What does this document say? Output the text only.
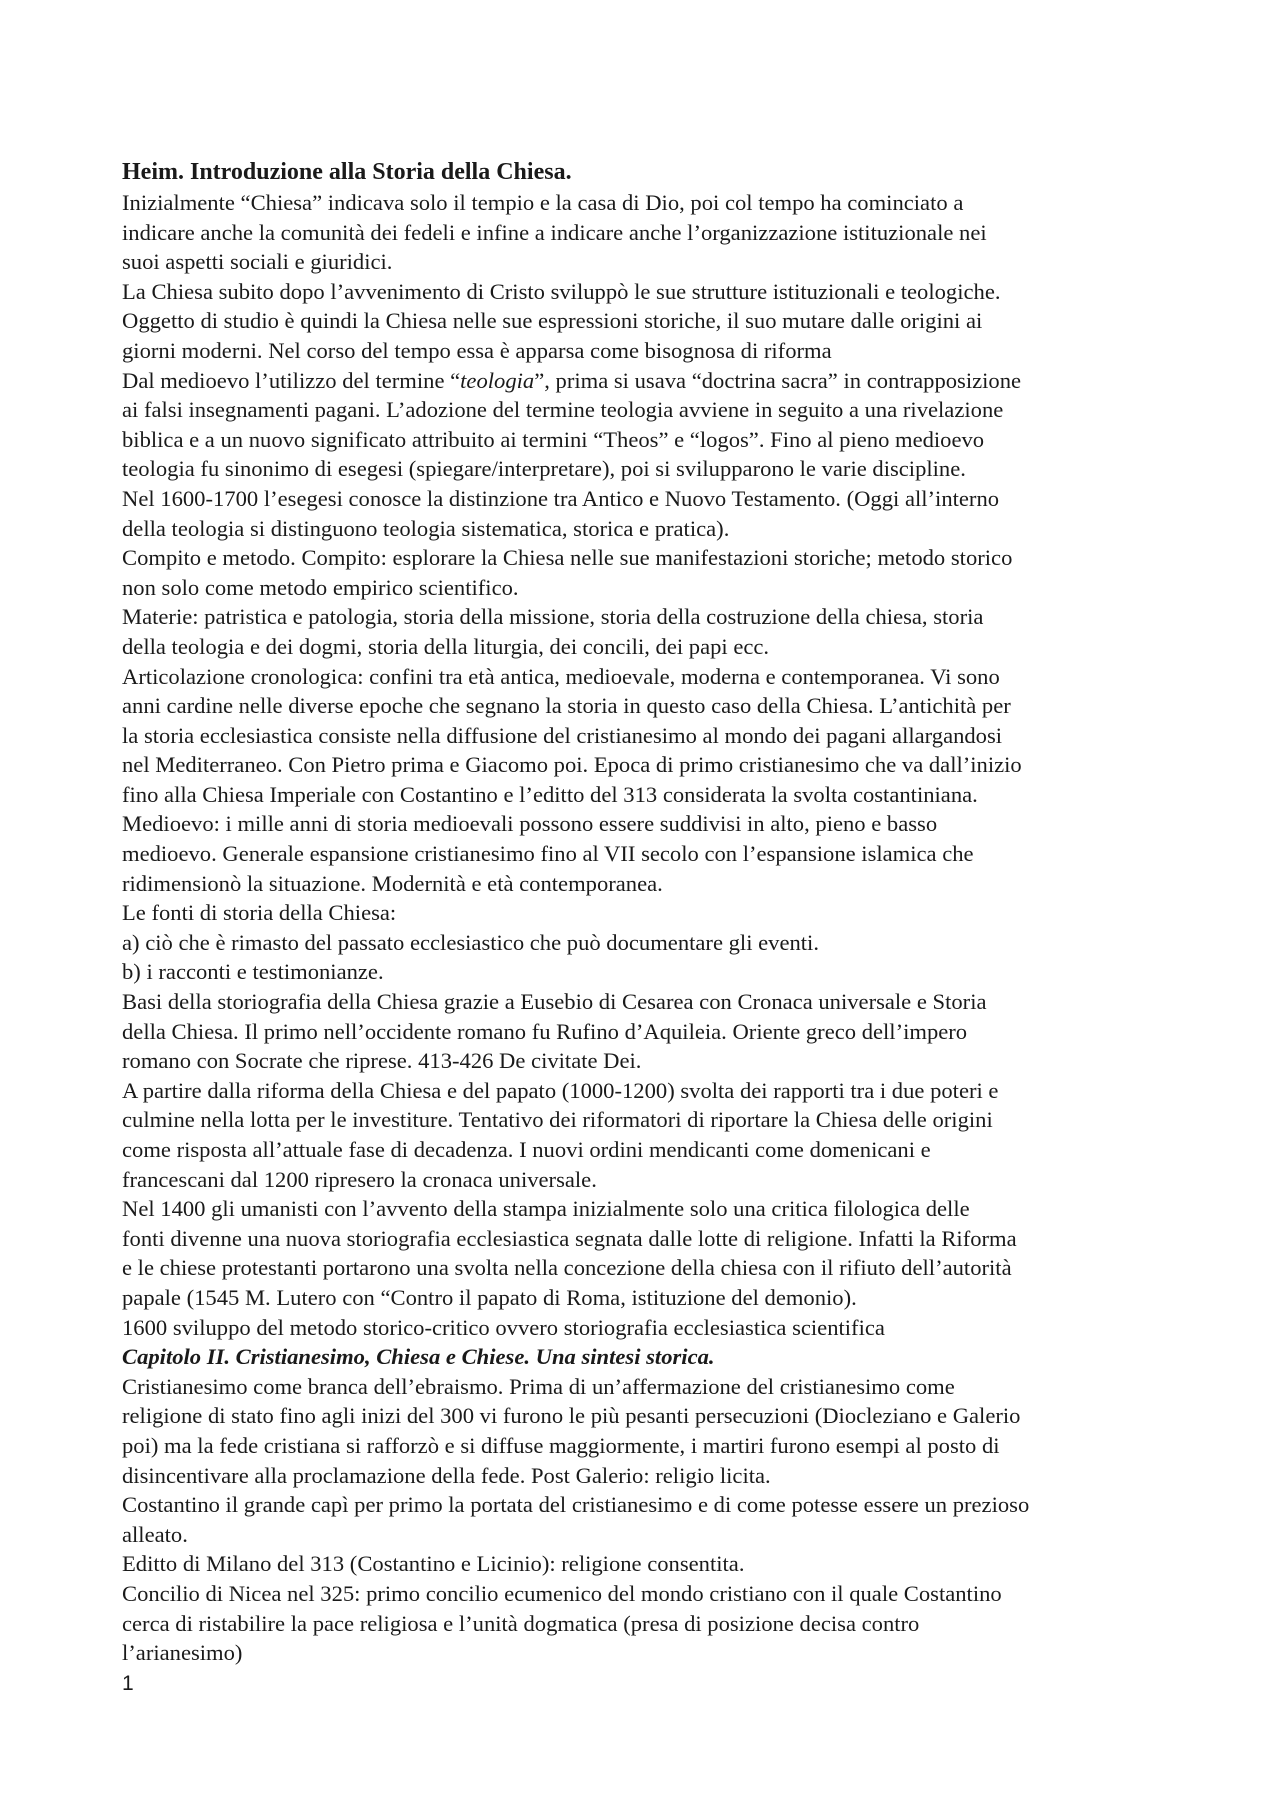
Heim. Introduzione alla Storia della Chiesa.
Inizialmente “Chiesa” indicava solo il tempio e la casa di Dio, poi col tempo ha cominciato a
indicare anche la comunità dei fedeli e infine a indicare anche l’organizzazione istituzionale nei
suoi aspetti sociali e giuridici.
La Chiesa subito dopo l’avvenimento di Cristo sviluppò le sue strutture istituzionali e teologiche.
Oggetto di studio è quindi la Chiesa nelle sue espressioni storiche, il suo mutare dalle origini ai
giorni moderni. Nel corso del tempo essa è apparsa come bisognosa di riforma
Dal medioevo l’utilizzo del termine “teologia”, prima si usava “doctrina sacra” in contrapposizione
ai falsi insegnamenti pagani. L’adozione del termine teologia avviene in seguito a una rivelazione
biblica e a un nuovo significato attribuito ai termini “Theos” e “logos”. Fino al pieno medioevo
teologia fu sinonimo di esegesi (spiegare/interpretare), poi si svilupparono le varie discipline.
Nel 1600-1700 l’esegesi conosce la distinzione tra Antico e Nuovo Testamento. (Oggi all’interno
della teologia si distinguono teologia sistematica, storica e pratica).
Compito e metodo. Compito: esplorare la Chiesa nelle sue manifestazioni storiche; metodo storico
non solo come metodo empirico scientifico.
Materie: patristica e patologia, storia della missione, storia della costruzione della chiesa, storia
della teologia e dei dogmi, storia della liturgia, dei concili, dei papi ecc.
Articolazione cronologica: confini tra età antica, medioevale, moderna e contemporanea. Vi sono
anni cardine nelle diverse epoche che segnano la storia in questo caso della Chiesa. L’antichità per
la storia ecclesiastica consiste nella diffusione del cristianesimo al mondo dei pagani allargandosi
nel Mediterraneo. Con Pietro prima e Giacomo poi. Epoca di primo cristianesimo che va dall’inizio
fino alla Chiesa Imperiale con Costantino e l’editto del 313 considerata la svolta costantiniana.
Medioevo: i mille anni di storia medioevali possono essere suddivisi in alto, pieno e basso
medioevo. Generale espansione cristianesimo fino al VII secolo con l’espansione islamica che
ridimensionò la situazione. Modernità e età contemporanea.
Le fonti di storia della Chiesa:
a) ciò che è rimasto del passato ecclesiastico che può documentare gli eventi.
b) i racconti e testimonianze.
Basi della storiografia della Chiesa grazie a Eusebio di Cesarea con Cronaca universale e Storia
della Chiesa. Il primo nell’occidente romano fu Rufino d’Aquileia. Oriente greco dell’impero
romano con Socrate che riprese. 413-426 De civitate Dei.
A partire dalla riforma della Chiesa e del papato (1000-1200) svolta dei rapporti tra i due poteri e
culmine nella lotta per le investiture. Tentativo dei riformatori di riportare la Chiesa delle origini
come risposta all’attuale fase di decadenza. I nuovi ordini mendicanti come domenicani e
francescani dal 1200 ripresero la cronaca universale.
Nel 1400 gli umanisti con l’avvento della stampa inizialmente solo una critica filologica delle
fonti divenne una nuova storiografia ecclesiastica segnata dalle lotte di religione. Infatti la Riforma
e le chiese protestanti portarono una svolta nella concezione della chiesa con il rifiuto dell’autorità
papale (1545 M. Lutero con “Contro il papato di Roma, istituzione del demonio).
1600 sviluppo del metodo storico-critico ovvero storiografia ecclesiastica scientifica
Capitolo II. Cristianesimo, Chiesa e Chiese. Una sintesi storica.
Cristianesimo come branca dell’ebraismo. Prima di un’affermazione del cristianesimo come
religione di stato fino agli inizi del 300 vi furono le più pesanti persecuzioni (Diocleziano e Galerio
poi) ma la fede cristiana si rafforzò e si diffuse maggiormente, i martiri furono esempi al posto di
disincentivare alla proclamazione della fede. Post Galerio: religio licita.
Costantino il grande capì per primo la portata del cristianesimo e di come potesse essere un prezioso
alleato.
Editto di Milano del 313 (Costantino e Licinio): religione consentita.
Concilio di Nicea nel 325: primo concilio ecumenico del mondo cristiano con il quale Costantino
cerca di ristabilire la pace religiosa e l’unità dogmatica (presa di posizione decisa contro
l’arianesimo)
1
